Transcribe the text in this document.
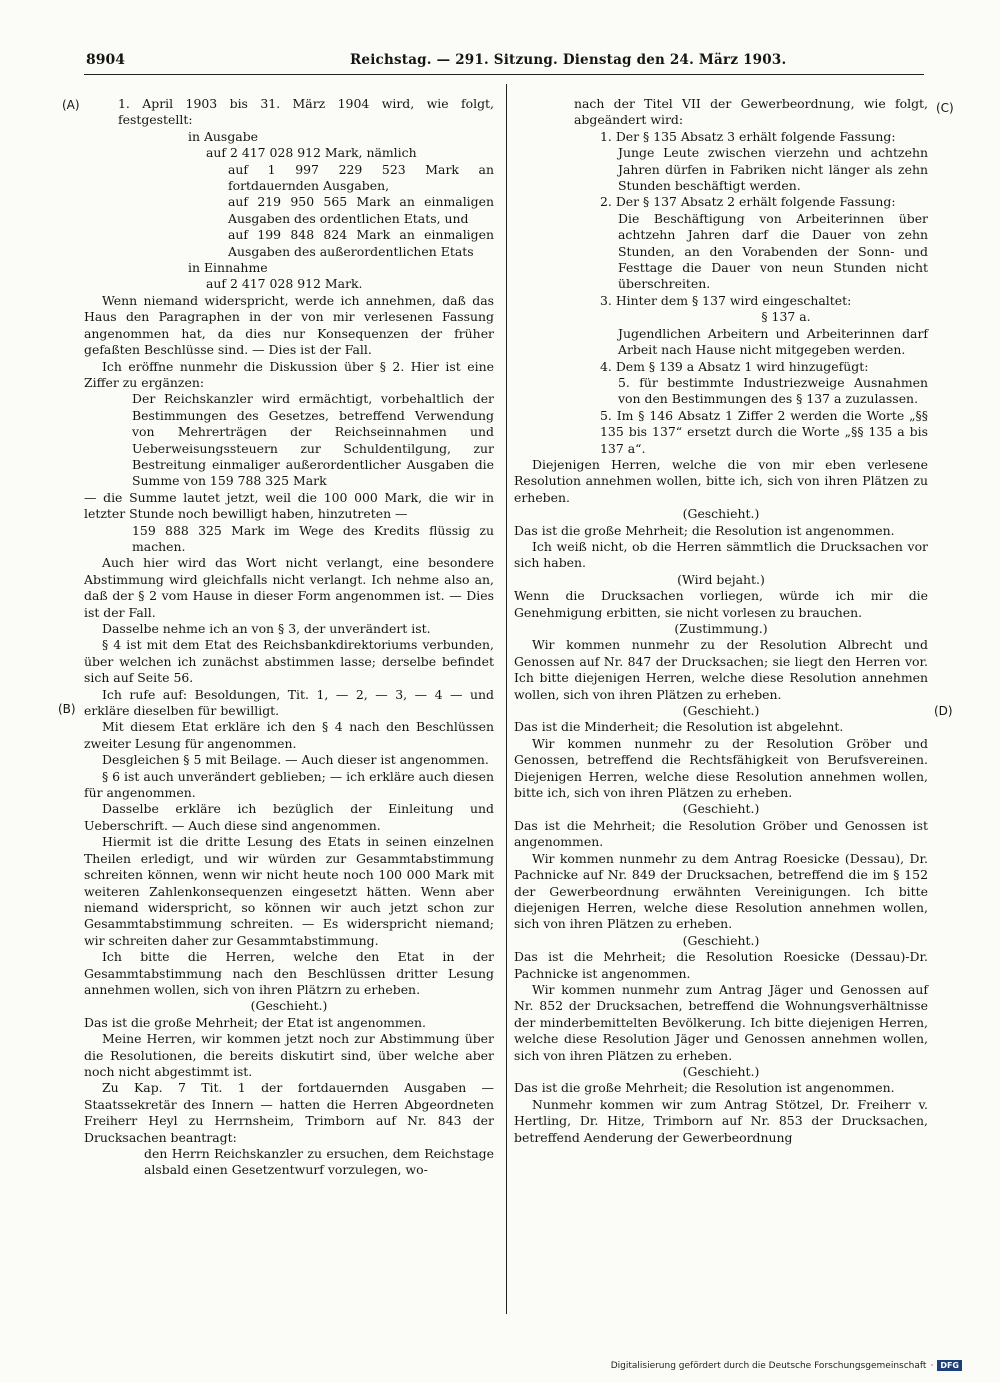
8904	Reichstag. — 291. Sitzung. Dienstag den 24. März 1903.
(A)
(B)
(C)
(D)

1. April 1903 bis 31. März 1904 wird, wie folgt, festgestellt:

in Ausgabe

auf 2 417 028 912 Mark, nämlich

auf 1 997 229 523 Mark an fortdauernden Ausgaben,

auf 219 950 565 Mark an einmaligen Ausgaben des ordentlichen Etats, und

auf 199 848 824 Mark an einmaligen Ausgaben des außerordentlichen Etats

in Einnahme

auf 2 417 028 912 Mark.

Wenn niemand widerspricht, werde ich annehmen, daß das Haus den Paragraphen in der von mir verlesenen Fassung angenommen hat, da dies nur Konsequenzen der früher gefaßten Beschlüsse sind. — Dies ist der Fall.

Ich eröffne nunmehr die Diskussion über § 2. Hier ist eine Ziffer zu ergänzen:

Der Reichskanzler wird ermächtigt, vorbehaltlich der Bestimmungen des Gesetzes, betreffend Verwendung von Mehrerträgen der Reichseinnahmen und Ueberweisungssteuern zur Schuldentilgung, zur Bestreitung einmaliger außerordentlicher Ausgaben die Summe von 159 788 325 Mark

— die Summe lautet jetzt, weil die 100 000 Mark, die wir in letzter Stunde noch bewilligt haben, hinzutreten —

159 888 325 Mark im Wege des Kredits flüssig zu machen.

Auch hier wird das Wort nicht verlangt, eine besondere Abstimmung wird gleichfalls nicht verlangt. Ich nehme also an, daß der § 2 vom Hause in dieser Form angenommen ist. — Dies ist der Fall.

Dasselbe nehme ich an von § 3, der unverändert ist.

§ 4 ist mit dem Etat des Reichsbankdirektoriums verbunden, über welchen ich zunächst abstimmen lasse; derselbe befindet sich auf Seite 56.

Ich rufe auf: Besoldungen, Tit. 1, — 2, — 3, — 4 — und erkläre dieselben für bewilligt.

Mit diesem Etat erkläre ich den § 4 nach den Beschlüssen zweiter Lesung für angenommen.

Desgleichen § 5 mit Beilage. — Auch dieser ist angenommen.

§ 6 ist auch unverändert geblieben; — ich erkläre auch diesen für angenommen.

Dasselbe erkläre ich bezüglich der Einleitung und Ueberschrift. — Auch diese sind angenommen.

Hiermit ist die dritte Lesung des Etats in seinen einzelnen Theilen erledigt, und wir würden zur Gesammtabstimmung schreiten können, wenn wir nicht heute noch 100 000 Mark mit weiteren Zahlenkonsequenzen eingesetzt hätten. Wenn aber niemand widerspricht, so können wir auch jetzt schon zur Gesammtabstimmung schreiten. — Es widerspricht niemand; wir schreiten daher zur Gesammtabstimmung.

Ich bitte die Herren, welche den Etat in der Gesammtabstimmung nach den Beschlüssen dritter Lesung annehmen wollen, sich von ihren Plätzrn zu erheben.

(Geschieht.)

Das ist die große Mehrheit; der Etat ist angenommen.

Meine Herren, wir kommen jetzt noch zur Abstimmung über die Resolutionen, die bereits diskutirt sind, über welche aber noch nicht abgestimmt ist.

Zu Kap. 7 Tit. 1 der fortdauernden Ausgaben — Staatssekretär des Innern — hatten die Herren Abgeordneten Freiherr Heyl zu Herrnsheim, Trimborn auf Nr. 843 der Drucksachen beantragt:

den Herrn Reichskanzler zu ersuchen, dem Reichstage alsbald einen Gesetzentwurf vorzulegen, wo-

nach der Titel VII der Gewerbeordnung, wie folgt, abgeändert wird:

1. Der § 135 Absatz 3 erhält folgende Fassung:

Junge Leute zwischen vierzehn und achtzehn Jahren dürfen in Fabriken nicht länger als zehn Stunden beschäftigt werden.

2. Der § 137 Absatz 2 erhält folgende Fassung:

Die Beschäftigung von Arbeiterinnen über achtzehn Jahren darf die Dauer von zehn Stunden, an den Vorabenden der Sonn- und Festtage die Dauer von neun Stunden nicht überschreiten.

3. Hinter dem § 137 wird eingeschaltet:

§ 137 a.

Jugendlichen Arbeitern und Arbeiterinnen darf Arbeit nach Hause nicht mitgegeben werden.

4. Dem § 139 a Absatz 1 wird hinzugefügt:

5. für bestimmte Industriezweige Ausnahmen von den Bestimmungen des § 137 a zuzulassen.

5. Im § 146 Absatz 1 Ziffer 2 werden die Worte „§§ 135 bis 137“ ersetzt durch die Worte „§§ 135 a bis 137 a“.

Diejenigen Herren, welche die von mir eben verlesene Resolution annehmen wollen, bitte ich, sich von ihren Plätzen zu erheben.

(Geschieht.)

Das ist die große Mehrheit; die Resolution ist angenommen.

Ich weiß nicht, ob die Herren sämmtlich die Drucksachen vor sich haben.

(Wird bejaht.)

Wenn die Drucksachen vorliegen, würde ich mir die Genehmigung erbitten, sie nicht vorlesen zu brauchen.

(Zustimmung.)

Wir kommen nunmehr zu der Resolution Albrecht und Genossen auf Nr. 847 der Drucksachen; sie liegt den Herren vor. Ich bitte diejenigen Herren, welche diese Resolution annehmen wollen, sich von ihren Plätzen zu erheben.

(Geschieht.)

Das ist die Minderheit; die Resolution ist abgelehnt.

Wir kommen nunmehr zu der Resolution Gröber und Genossen, betreffend die Rechtsfähigkeit von Berufsvereinen. Diejenigen Herren, welche diese Resolution annehmen wollen, bitte ich, sich von ihren Plätzen zu erheben.

(Geschieht.)

Das ist die Mehrheit; die Resolution Gröber und Genossen ist angenommen.

Wir kommen nunmehr zu dem Antrag Roesicke (Dessau), Dr. Pachnicke auf Nr. 849 der Drucksachen, betreffend die im § 152 der Gewerbeordnung erwähnten Vereinigungen. Ich bitte diejenigen Herren, welche diese Resolution annehmen wollen, sich von ihren Plätzen zu erheben.

(Geschieht.)

Das ist die Mehrheit; die Resolution Roesicke (Dessau)-Dr. Pachnicke ist angenommen.

Wir kommen nunmehr zum Antrag Jäger und Genossen auf Nr. 852 der Drucksachen, betreffend die Wohnungsverhältnisse der minderbemittelten Bevölkerung. Ich bitte diejenigen Herren, welche diese Resolution Jäger und Genossen annehmen wollen, sich von ihren Plätzen zu erheben.

(Geschieht.)

Das ist die große Mehrheit; die Resolution ist angenommen.

Nunmehr kommen wir zum Antrag Stötzel, Dr. Freiherr v. Hertling, Dr. Hitze, Trimborn auf Nr. 853 der Drucksachen, betreffend Aenderung der Gewerbeordnung

Digitalisierung gefördert durch die Deutsche Forschungsgemeinschaft · DFG
